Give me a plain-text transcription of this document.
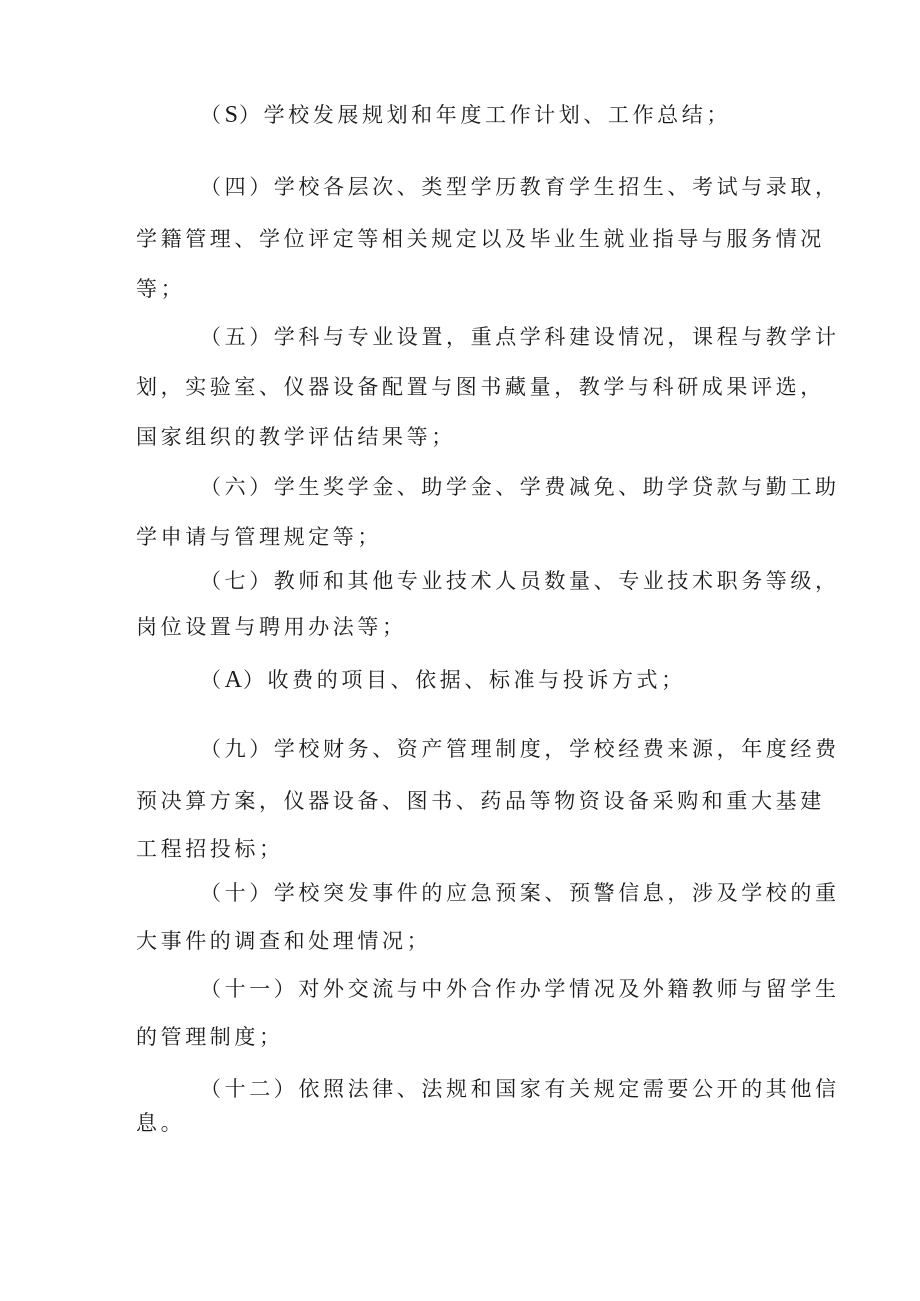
（S）学校发展规划和年度工作计划、工作总结；
（四）学校各层次、类型学历教育学生招生、考试与录取，
学籍管理、学位评定等相关规定以及毕业生就业指导与服务情况
等；
（五）学科与专业设置，重点学科建设情况，课程与教学计
划，实验室、仪器设备配置与图书藏量，教学与科研成果评选，
国家组织的教学评估结果等；
（六）学生奖学金、助学金、学费减免、助学贷款与勤工助
学申请与管理规定等；
（七）教师和其他专业技术人员数量、专业技术职务等级，
岗位设置与聘用办法等；
（A）收费的项目、依据、标准与投诉方式；
（九）学校财务、资产管理制度，学校经费来源，年度经费
预决算方案，仪器设备、图书、药品等物资设备采购和重大基建
工程招投标；
（十）学校突发事件的应急预案、预警信息，涉及学校的重
大事件的调查和处理情况；
（十一）对外交流与中外合作办学情况及外籍教师与留学生
的管理制度；
（十二）依照法律、法规和国家有关规定需要公开的其他信
息。
